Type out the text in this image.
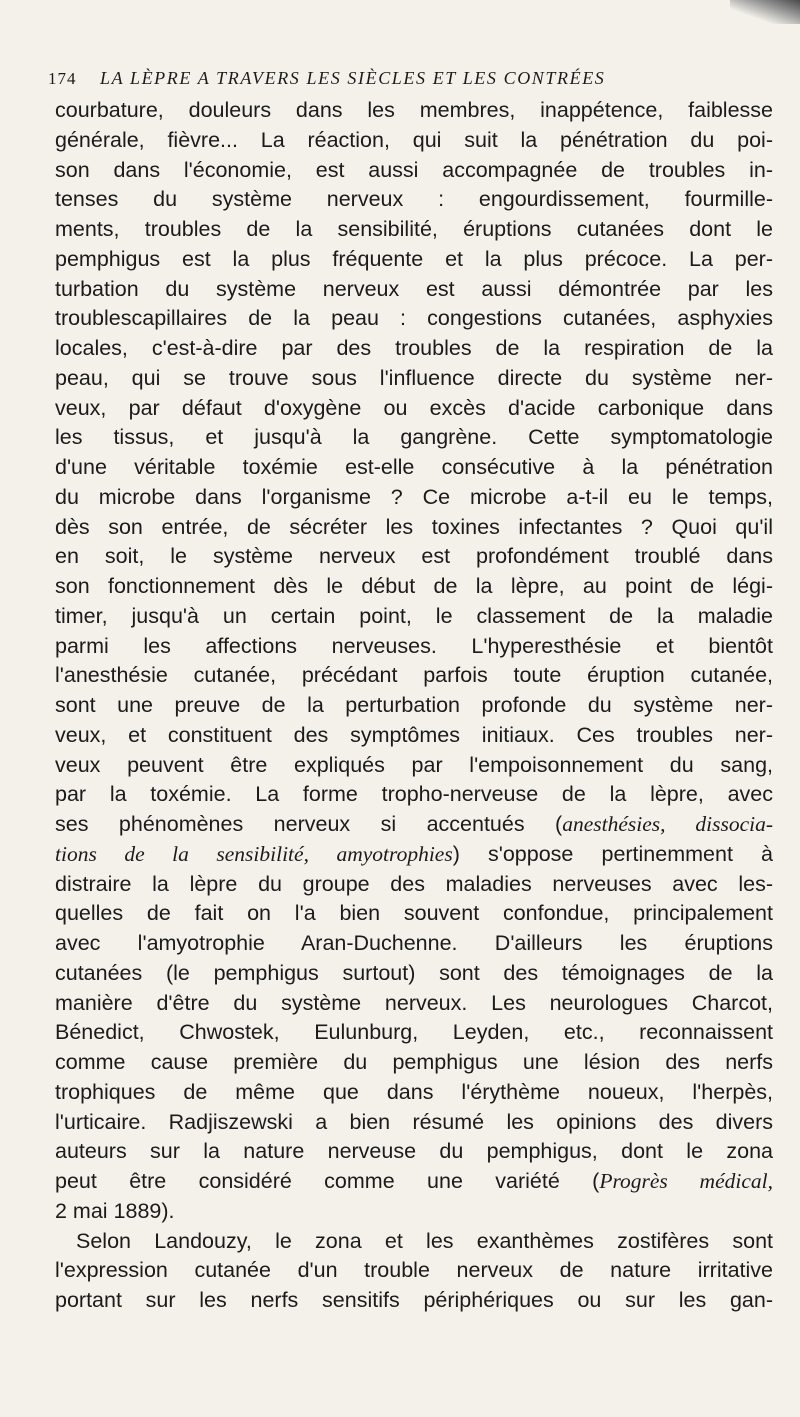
174 LA LÈPRE A TRAVERS LES SIÈCLES ET LES CONTRÉES
courbature, douleurs dans les membres, inappétence, faiblesse
générale, fièvre... La réaction, qui suit la pénétration du poi-
son dans l'économie, est aussi accompagnée de troubles in-
tenses du système nerveux : engourdissement, fourmille-
ments, troubles de la sensibilité, éruptions cutanées dont le
pemphigus est la plus fréquente et la plus précoce. La per-
turbation du système nerveux est aussi démontrée par les
troublescapillaires de la peau : congestions cutanées, asphyxies
locales, c'est-à-dire par des troubles de la respiration de la
peau, qui se trouve sous l'influence directe du système ner-
veux, par défaut d'oxygène ou excès d'acide carbonique dans
les tissus, et jusqu'à la gangrène. Cette symptomatologie
d'une véritable toxémie est-elle consécutive à la pénétration
du microbe dans l'organisme ? Ce microbe a-t-il eu le temps,
dès son entrée, de sécréter les toxines infectantes ? Quoi qu'il
en soit, le système nerveux est profondément troublé dans
son fonctionnement dès le début de la lèpre, au point de légi-
timer, jusqu'à un certain point, le classement de la maladie
parmi les affections nerveuses. L'hyperesthésie et bientôt
l'anesthésie cutanée, précédant parfois toute éruption cutanée,
sont une preuve de la perturbation profonde du système ner-
veux, et constituent des symptômes initiaux. Ces troubles ner-
veux peuvent être expliqués par l'empoisonnement du sang,
par la toxémie. La forme tropho-nerveuse de la lèpre, avec
ses phénomènes nerveux si accentués (anesthésies, dissocia-
tions de la sensibilité, amyotrophies) s'oppose pertinemment à
distraire la lèpre du groupe des maladies nerveuses avec les-
quelles de fait on l'a bien souvent confondue, principalement
avec l'amyotrophie Aran-Duchenne. D'ailleurs les éruptions
cutanées (le pemphigus surtout) sont des témoignages de la
manière d'être du système nerveux. Les neurologues Charcot,
Bénedict, Chwostek, Eulunburg, Leyden, etc., reconnaissent
comme cause première du pemphigus une lésion des nerfs
trophiques de même que dans l'érythème noueux, l'herpès,
l'urticaire. Radjiszewski a bien résumé les opinions des divers
auteurs sur la nature nerveuse du pemphigus, dont le zona
peut être considéré comme une variété (Progrès médical,
2 mai 1889).
Selon Landouzy, le zona et les exanthèmes zostifères sont
l'expression cutanée d'un trouble nerveux de nature irritative
portant sur les nerfs sensitifs périphériques ou sur les gan-
